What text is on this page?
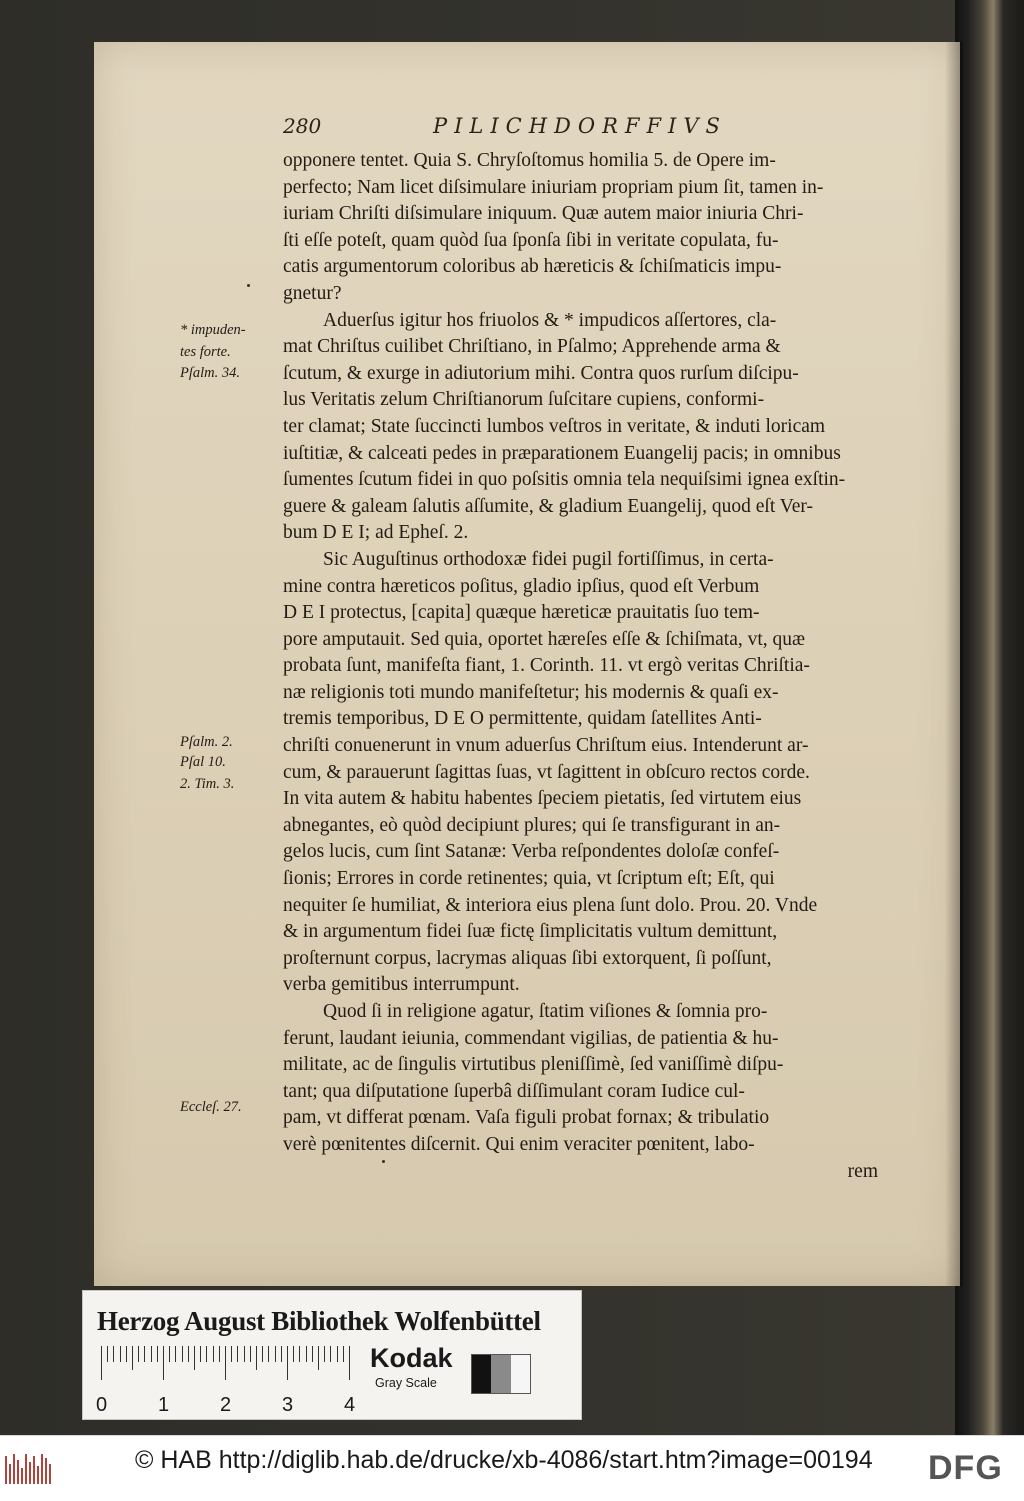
280	PILICHDORFFIVS
opponere tentet. Quia S. Chryſoſtomus homilia 5. de Opere im-
perfecto; Nam licet diſsimulare iniuriam propriam pium ſit, tamen in-
iuriam Chriſti diſsimulare iniquum. Quæ autem maior iniuria Chri-
ſti eſſe poteſt, quam quòd ſua ſponſa ſibi in veritate copulata, fu-
catis argumentorum coloribus ab hæreticis & ſchiſmaticis impu-
gnetur?
Aduerſus igitur hos friuolos & * impudicos aſſertores, cla-
mat Chriſtus cuilibet Chriſtiano, in Pſalmo; Apprehende arma &
ſcutum, & exurge in adiutorium mihi. Contra quos rurſum diſcipu-
lus Veritatis zelum Chriſtianorum ſuſcitare cupiens, conformi-
ter clamat; State ſuccincti lumbos veſtros in veritate, & induti loricam
iuſtitiæ, & calceati pedes in præparationem Euangelij pacis; in omnibus
ſumentes ſcutum fidei in quo poſsitis omnia tela nequiſsimi ignea exſtin-
guere & galeam ſalutis aſſumite, & gladium Euangelij, quod eſt Ver-
bum D E I; ad Epheſ. 2.
Sic Auguſtinus orthodoxæ fidei pugil fortiſſimus, in certa-
mine contra hæreticos poſitus, gladio ipſius, quod eſt Verbum
D E I protectus, [capita] quæque hæreticæ prauitatis ſuo tem-
pore amputauit. Sed quia, oportet hæreſes eſſe & ſchiſmata, vt, quæ
probata ſunt, manifeſta fiant, 1. Corinth. 11. vt ergò veritas Chriſtia-
næ religionis toti mundo manifeſtetur; his modernis & quaſi ex-
tremis temporibus, D E O permittente, quidam ſatellites Anti-
chriſti conuenerunt in vnum aduerſus Chriſtum eius. Intenderunt ar-
cum, & parauerunt ſagittas ſuas, vt ſagittent in obſcuro rectos corde.
In vita autem & habitu habentes ſpeciem pietatis, ſed virtutem eius
abnegantes, eò quòd decipiunt plures; qui ſe transfigurant in an-
gelos lucis, cum ſint Satanæ: Verba reſpondentes doloſæ confeſ-
ſionis; Errores in corde retinentes; quia, vt ſcriptum eſt; Eſt, qui
nequiter ſe humiliat, & interiora eius plena ſunt dolo. Prou. 20. Vnde
& in argumentum fidei ſuæ fictę ſimplicitatis vultum demittunt,
proſternunt corpus, lacrymas aliquas ſibi extorquent, ſi poſſunt,
verba gemitibus interrumpunt.
Quod ſi in religione agatur, ſtatim viſiones & ſomnia pro-
ferunt, laudant ieiunia, commendant vigilias, de patientia & hu-
militate, ac de ſingulis virtutibus pleniſſimè, ſed vaniſſimè diſpu-
tant; qua diſputatione ſuperbâ diſſimulant coram Iudice cul-
pam, vt differat pœnam. Vaſa figuli probat fornax; & tribulatio
verè pœnitentes diſcernit. Qui enim veraciter pœnitent, labo-
rem
* impuden-
tes forte.
Pſalm. 34.
Pſalm. 2.
Pſal 10.
2. Tim. 3.
Eccleſ. 27.
Herzog August Bibliothek Wolfenbüttel
0	1	2	3	4
Kodak
Gray Scale
© HAB http://diglib.hab.de/drucke/xb-4086/start.htm?image=00194 DFG
